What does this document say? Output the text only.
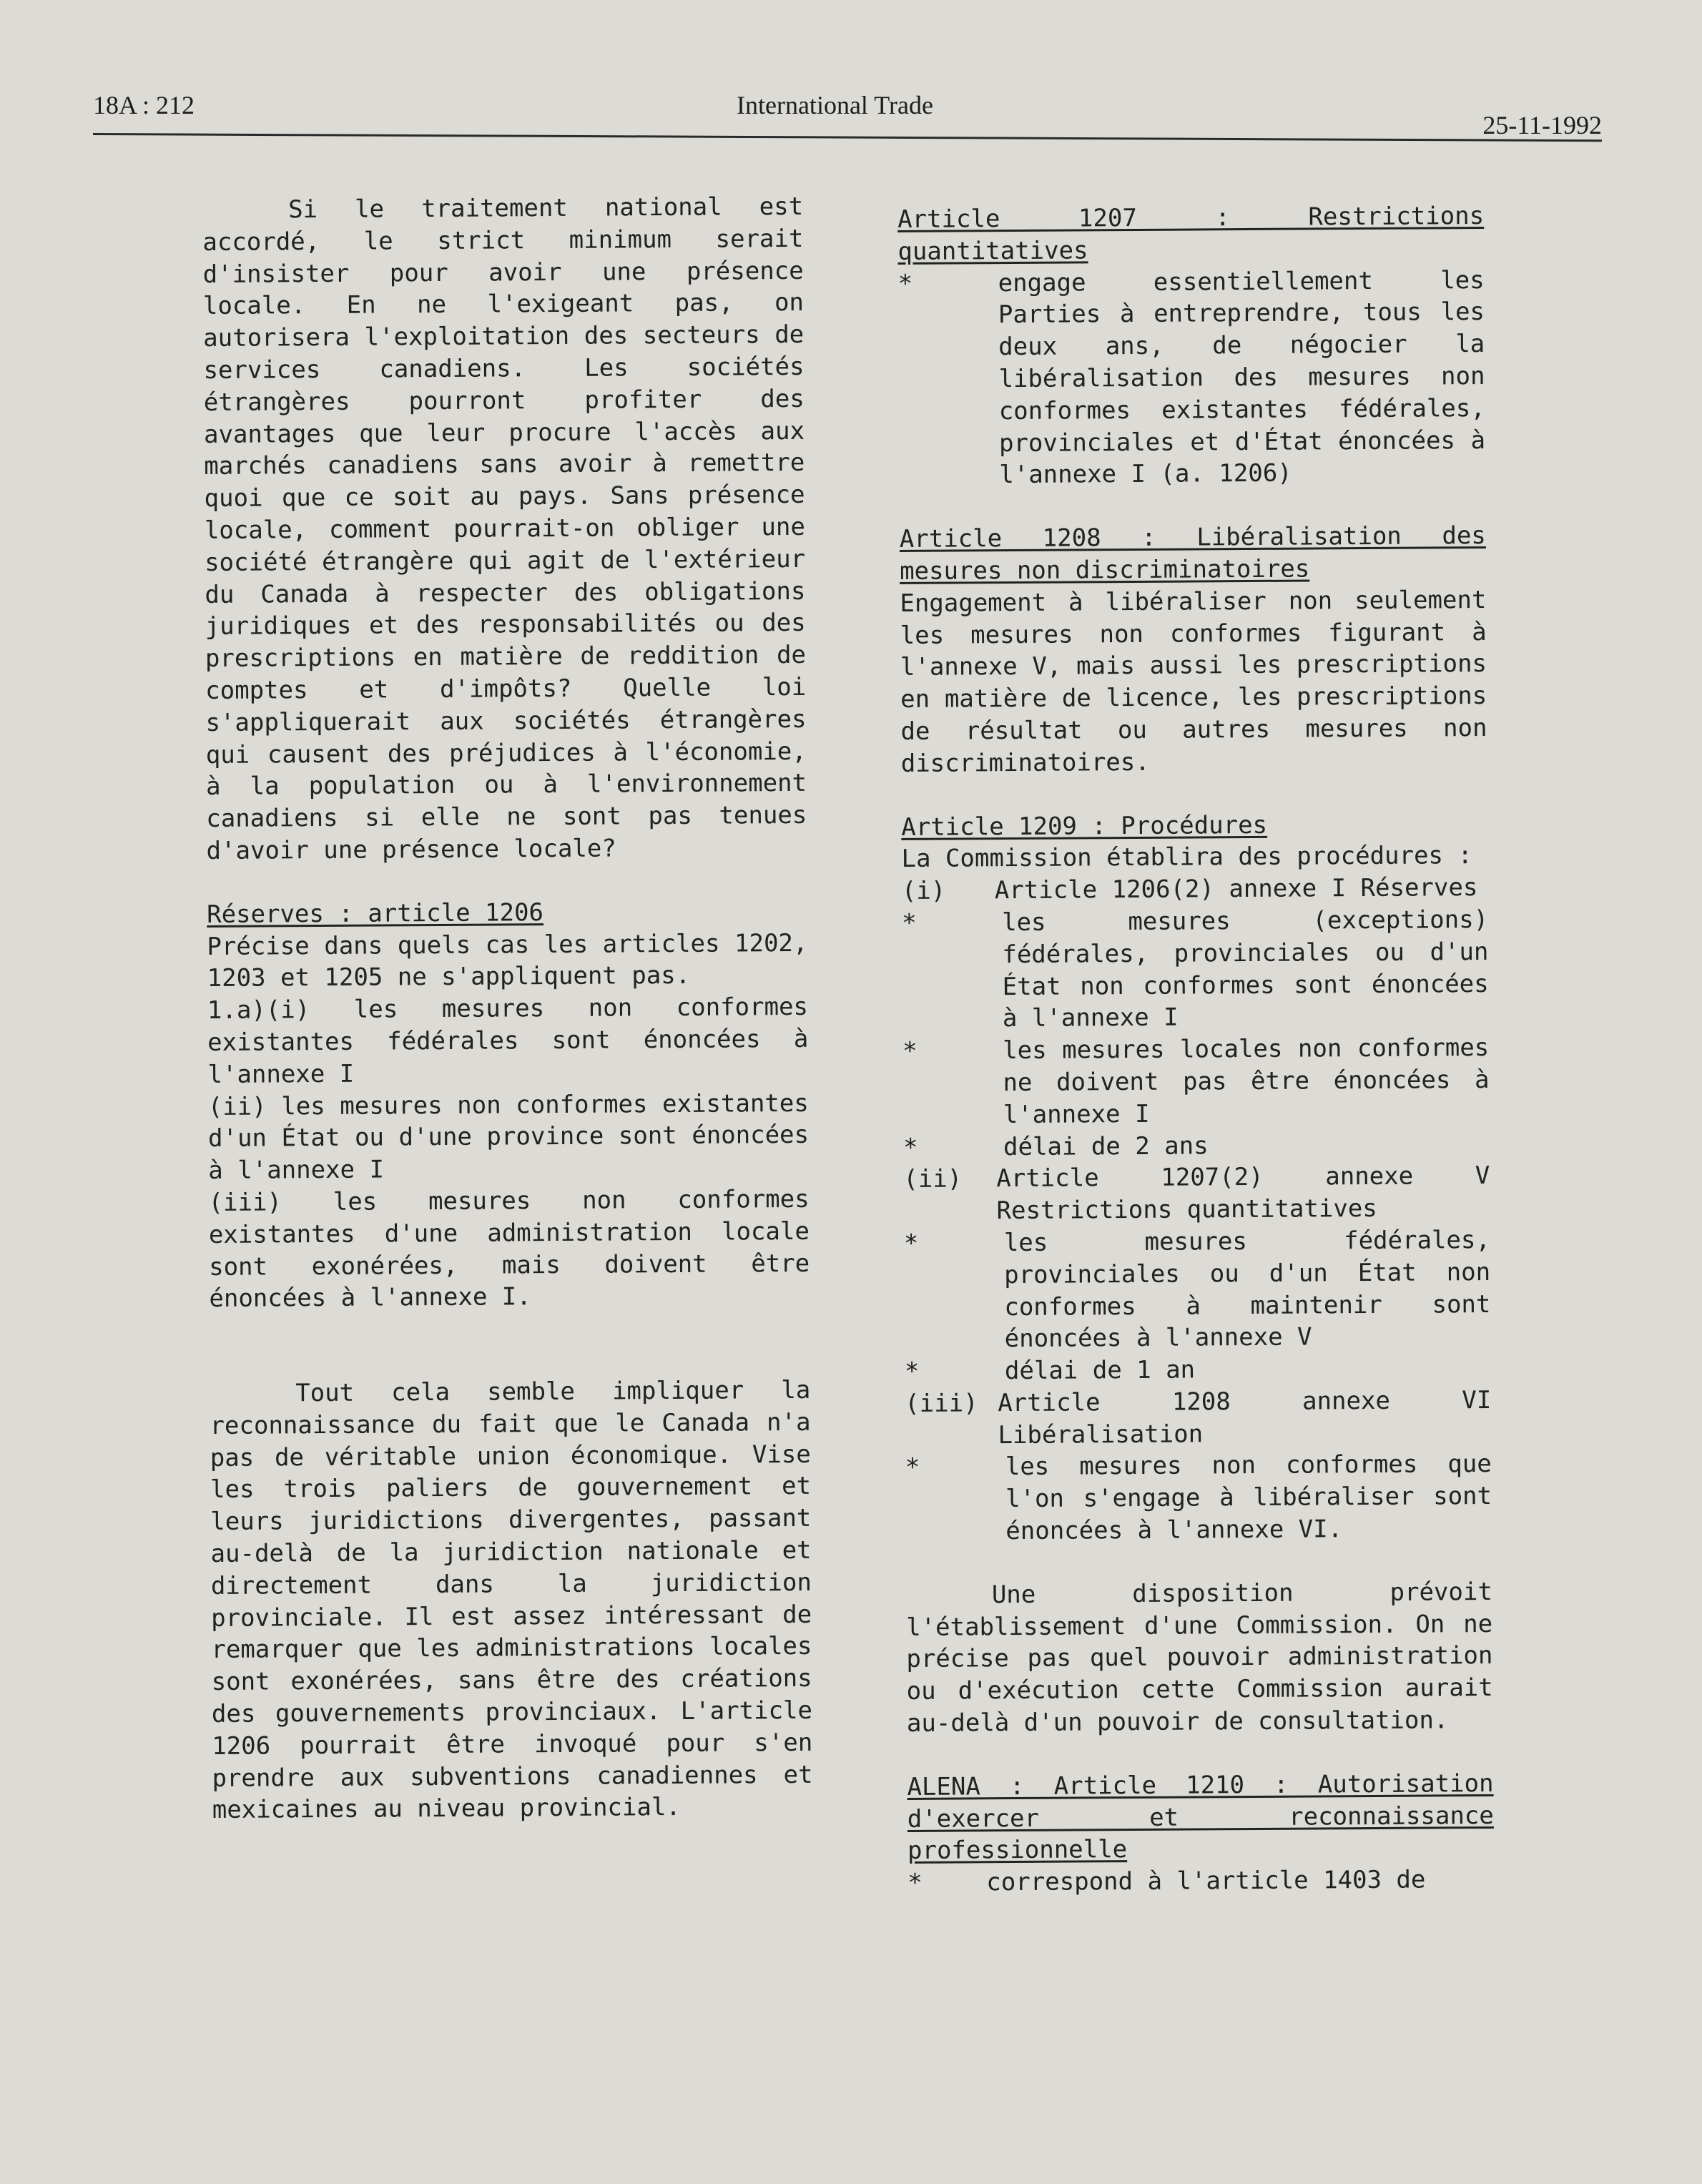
18A : 212	International Trade
25-11-1992

Si le traitement national est accordé, le strict minimum serait d'insister pour avoir une présence locale. En ne l'exigeant pas, on autorisera l'exploitation des secteurs de services canadiens. Les sociétés étrangères pourront profiter des avantages que leur procure l'accès aux marchés canadiens sans avoir à remettre quoi que ce soit au pays. Sans présence locale, comment pourrait-on obliger une société étrangère qui agit de l'extérieur du Canada à respecter des obligations juridiques et des responsabilités ou des prescriptions en matière de reddition de comptes et d'impôts? Quelle loi s'appliquerait aux sociétés étrangères qui causent des préjudices à l'économie, à la population ou à l'environnement canadiens si elle ne sont pas tenues d'avoir une présence locale?

Réserves : article 1206

Précise dans quels cas les articles 1202, 1203 et 1205 ne s'appliquent pas.

1.a)(i) les mesures non conformes existantes fédérales sont énoncées à l'annexe I

(ii) les mesures non conformes existantes d'un État ou d'une province sont énoncées à l'annexe I

(iii) les mesures non conformes existantes d'une administration locale sont exonérées, mais doivent être énoncées à l'annexe I.

Tout cela semble impliquer la reconnaissance du fait que le Canada n'a pas de véritable union économique. Vise les trois paliers de gouvernement et leurs juridictions divergentes, passant au-delà de la juridiction nationale et directement dans la juridiction provinciale. Il est assez intéressant de remarquer que les administrations locales sont exonérées, sans être des créations des gouvernements provinciaux. L'article 1206 pourrait être invoqué pour s'en prendre aux subventions canadiennes et mexicaines au niveau provincial.

Article 1207 : Restrictions quantitatives

*	engage essentiellement les Parties à entreprendre, tous les deux ans, de négocier la libéralisation des mesures non conformes existantes fédérales, provinciales et d'État énoncées à l'annexe I (a. 1206)

Article 1208 : Libéralisation des mesures non discriminatoires

Engagement à libéraliser non seulement les mesures non conformes figurant à l'annexe V, mais aussi les prescriptions en matière de licence, les prescriptions de résultat ou autres mesures non discriminatoires.

Article 1209 : Procédures

La Commission établira des procédures :

(i)	Article 1206(2) annexe I Réserves
*	les mesures (exceptions) fédérales, provinciales ou d'un État non conformes sont énoncées à l'annexe I
*	les mesures locales non conformes ne doivent pas être énoncées à l'annexe I
*	délai de 2 ans
(ii)	Article 1207(2) annexe V Restrictions quantitatives
*	les mesures fédérales, provinciales ou d'un État non conformes à maintenir sont énoncées à l'annexe V
*	délai de 1 an
(iii) Article 1208 annexe VI Libéralisation
*	les mesures non conformes que l'on s'engage à libéraliser sont énoncées à l'annexe VI.

Une disposition prévoit l'établissement d'une Commission. On ne précise pas quel pouvoir administration ou d'exécution cette Commission aurait au-delà d'un pouvoir de consultation.

ALENA : Article 1210 : Autorisation d'exercer et reconnaissance professionnelle

*	correspond à l'article 1403 de
